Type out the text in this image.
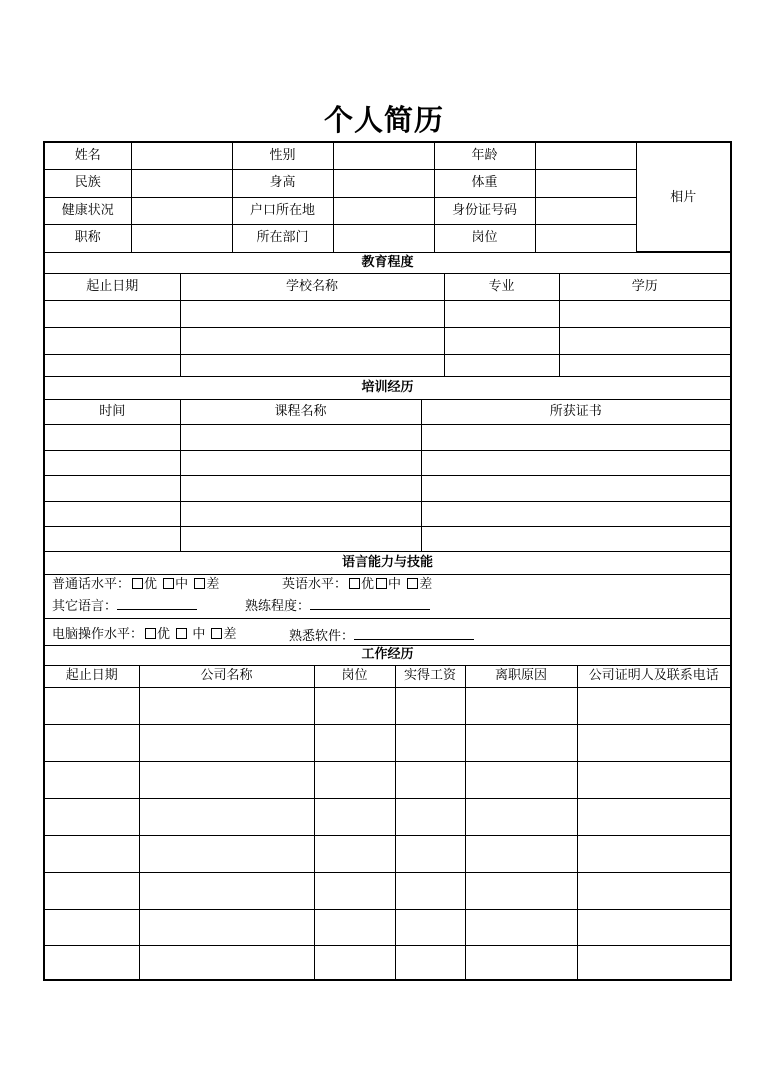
个人简历
姓名		性别		年龄		相片
民族		身高		体重		
健康状况		户口所在地		身份证号码		
职称		所在部门		岗位		
教育程度			
起止日期	学校名称	专业	学历

培训经历		
时间	课程名称	所获证书

语言能力与技能
普通话水平： 优 中 差	英语水平： 优 中 差
其它语言：	熟练程度：
电脑操作水平： 优 中 差	熟悉软件：
工作经历					
起止日期	公司名称	岗位	实得工资	离职原因	公司证明人及联系电话
